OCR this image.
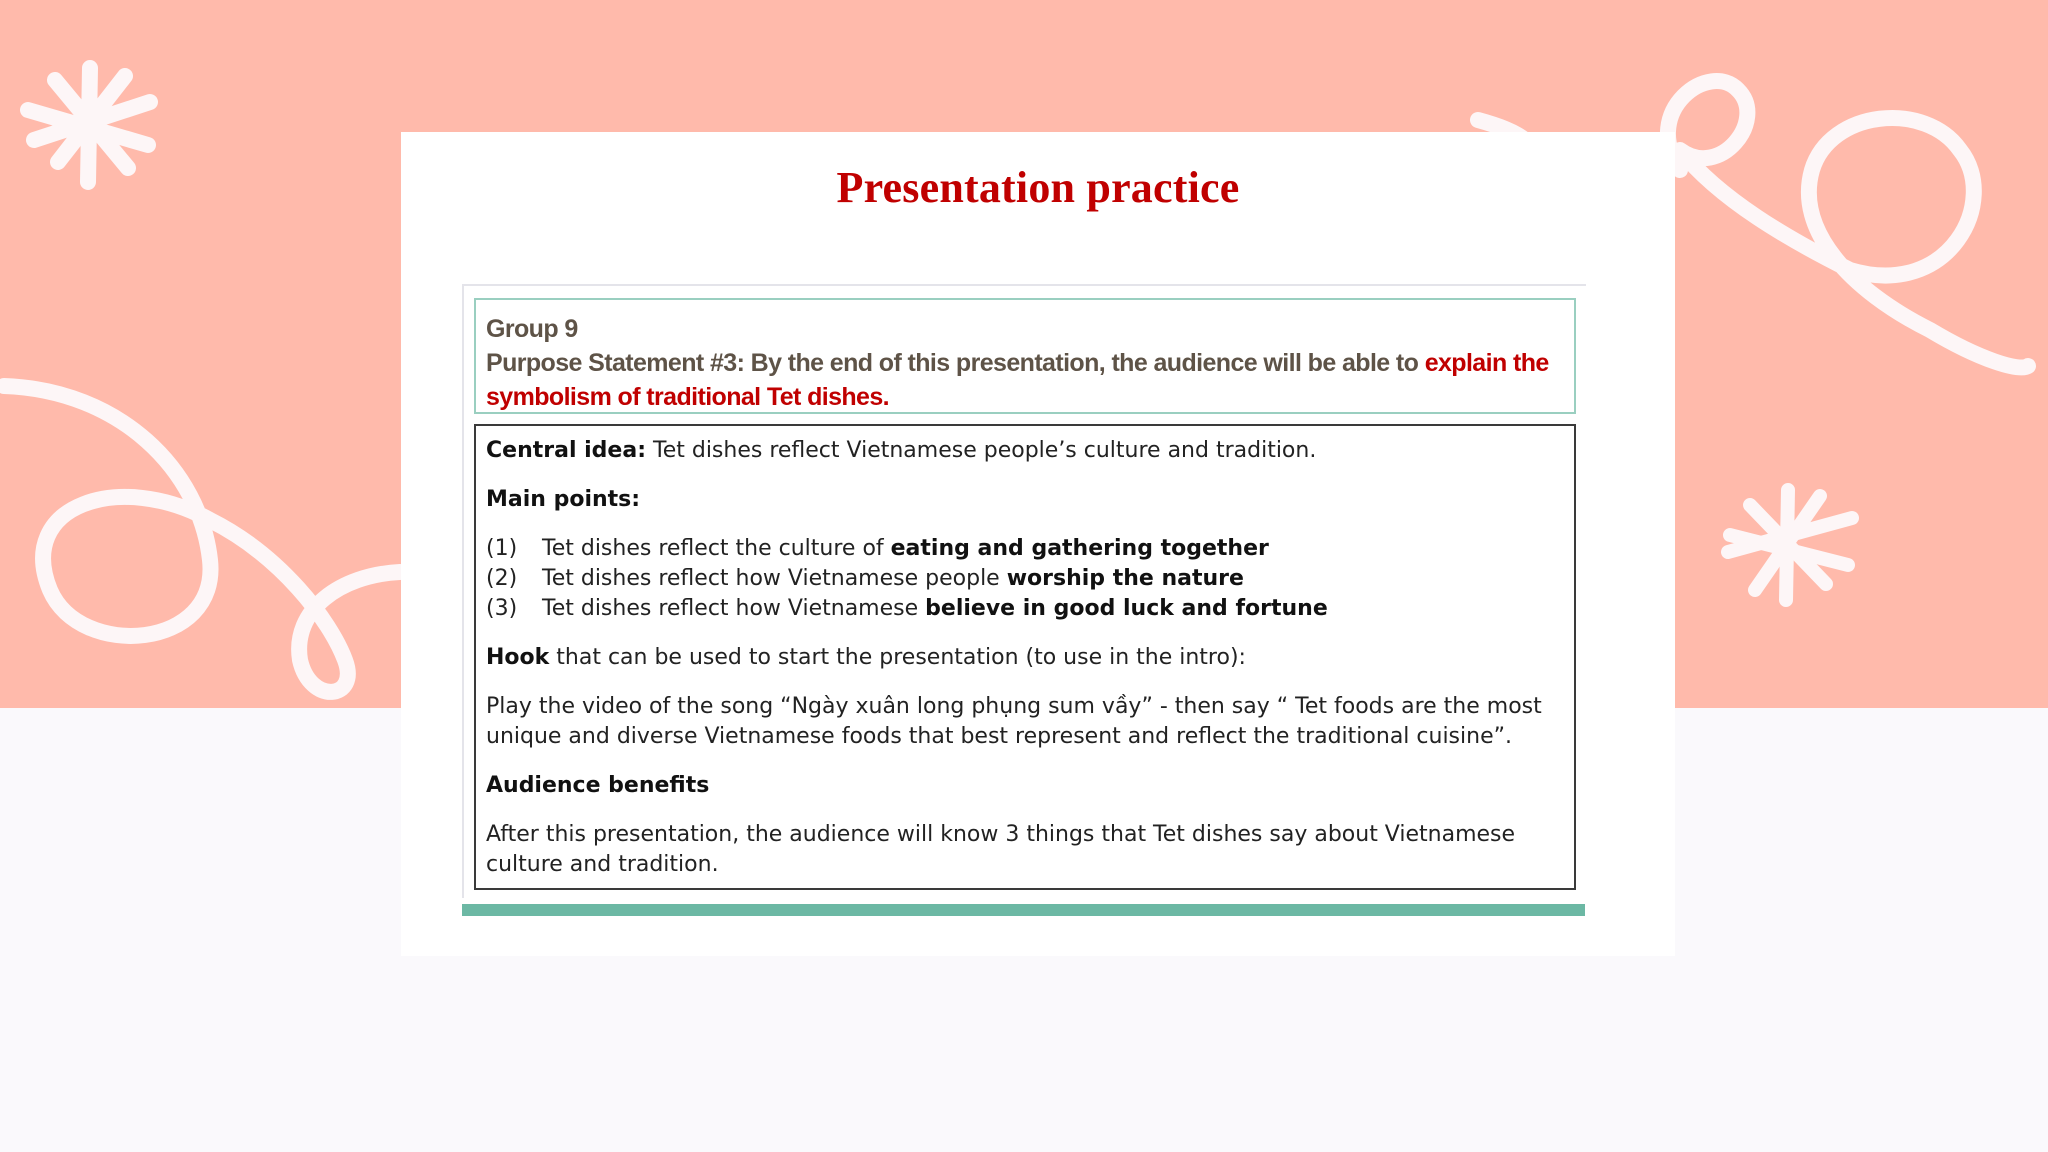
Presentation practice
Group 9
Purpose Statement #3: By the end of this presentation, the audience will be able to explain the symbolism of traditional Tet dishes.

Central idea: Tet dishes reflect Vietnamese people’s culture and tradition.

Main points:

(1)	Tet dishes reflect the culture of eating and gathering together
(2)	Tet dishes reflect how Vietnamese people worship the nature
(3)	Tet dishes reflect how Vietnamese believe in good luck and fortune

Hook that can be used to start the presentation (to use in the intro):

Play the video of the song “Ngày xuân long phụng sum vầy” - then say “ Tet foods are the most unique and diverse Vietnamese foods that best represent and reflect the traditional cuisine”.

Audience benefits

After this presentation, the audience will know 3 things that Tet dishes say about Vietnamese culture and tradition.
